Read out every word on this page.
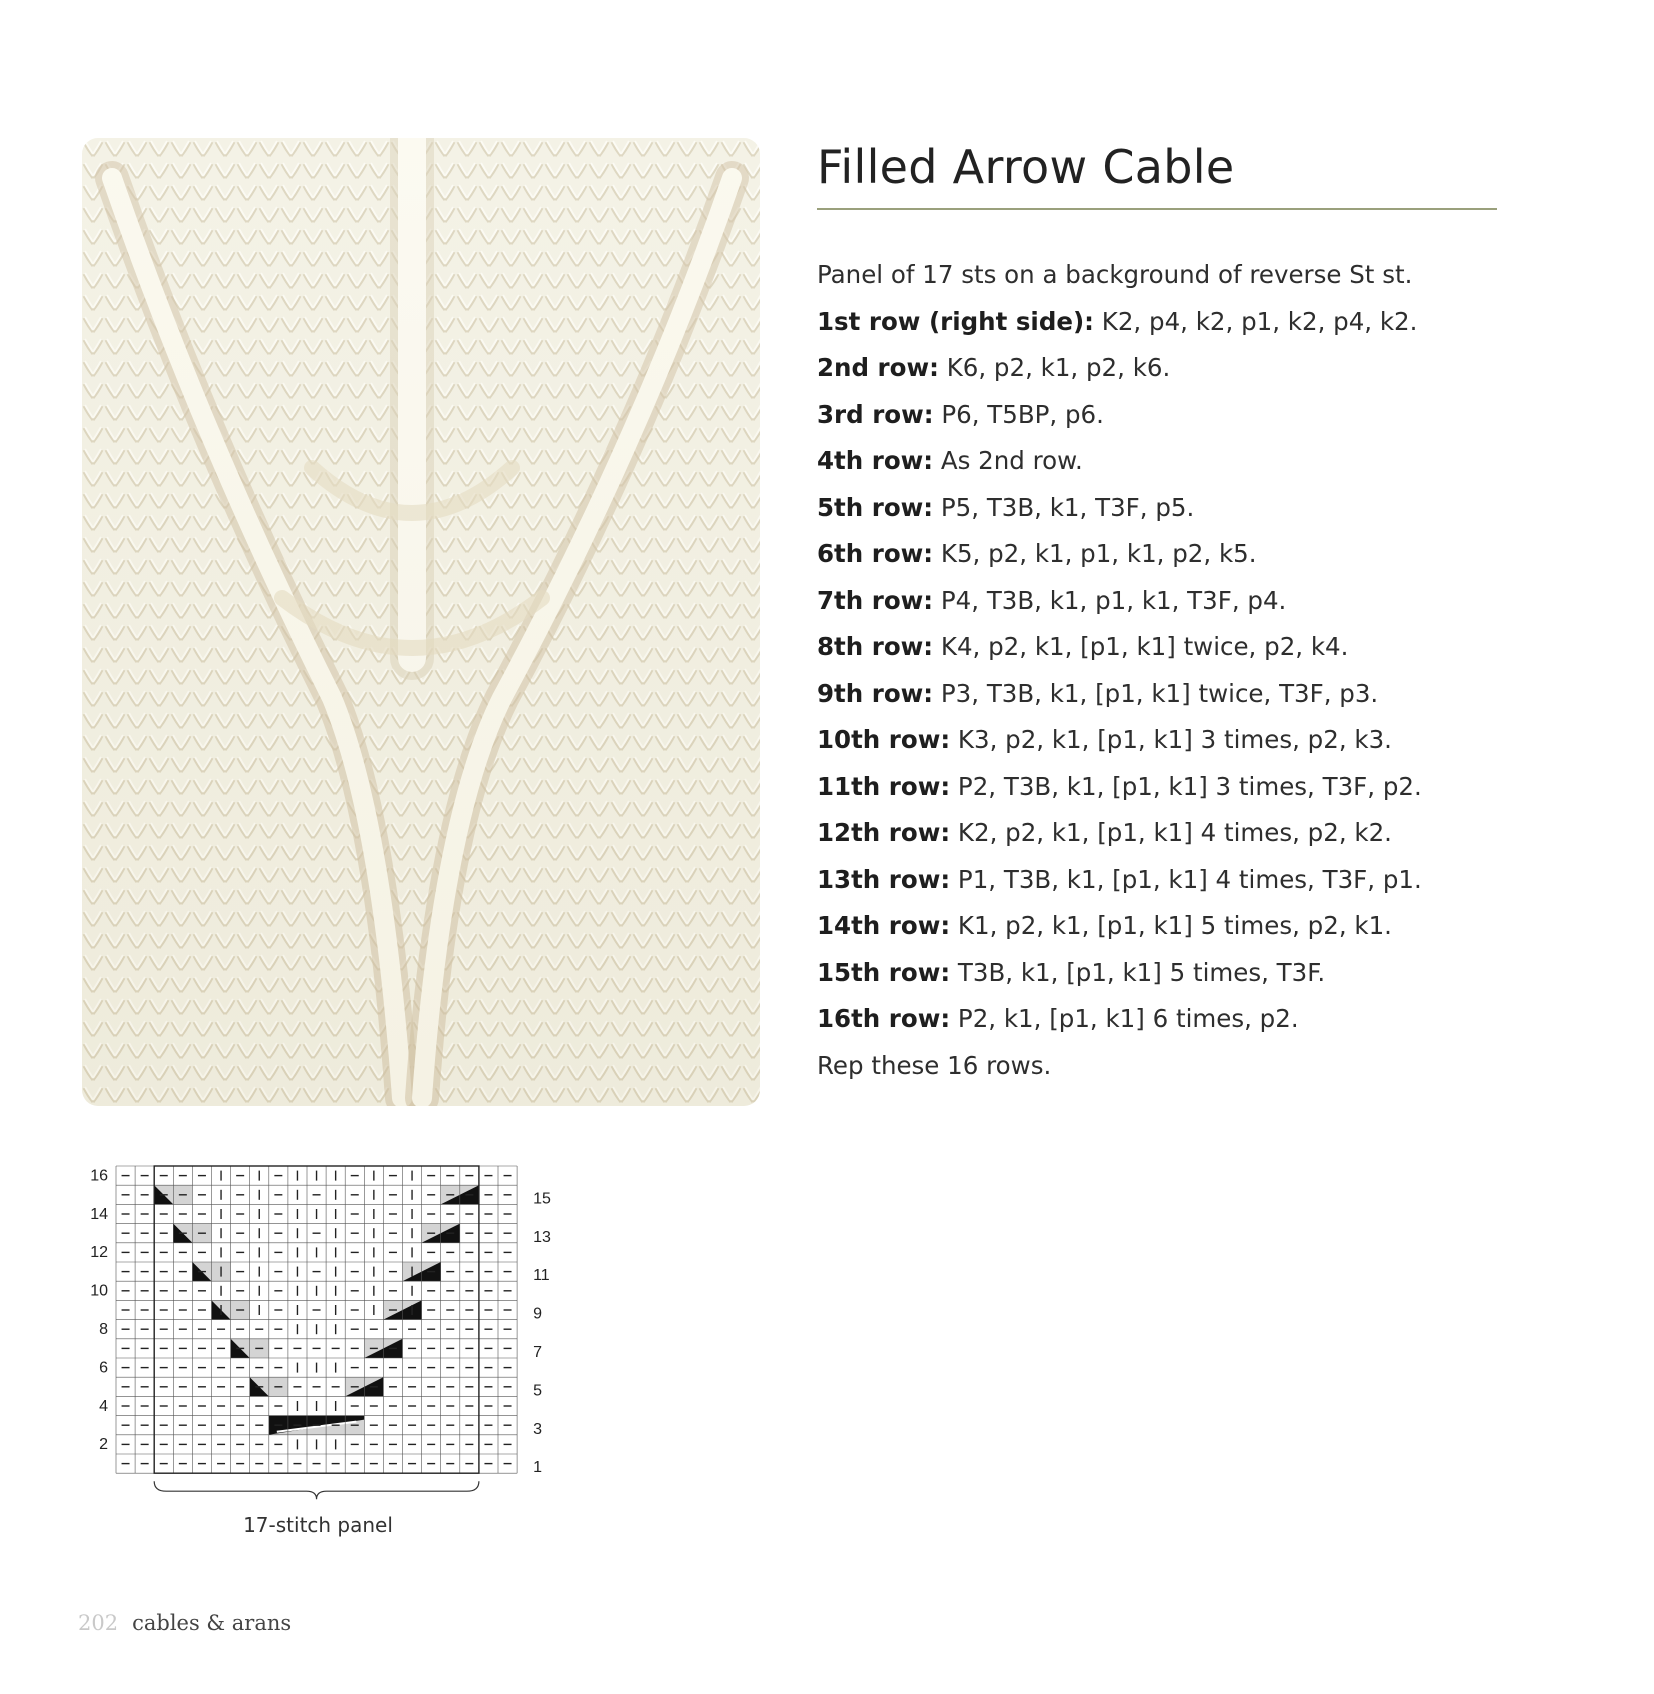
Filled Arrow Cable
Panel of 17 sts on a background of reverse St st.
1st row (right side): K2, p4, k2, p1, k2, p4, k2.
2nd row: K6, p2, k1, p2, k6.
3rd row: P6, T5BP, p6.
4th row: As 2nd row.
5th row: P5, T3B, k1, T3F, p5.
6th row: K5, p2, k1, p1, k1, p2, k5.
7th row: P4, T3B, k1, p1, k1, T3F, p4.
8th row: K4, p2, k1, [p1, k1] twice, p2, k4.
9th row: P3, T3B, k1, [p1, k1] twice, T3F, p3.
10th row: K3, p2, k1, [p1, k1] 3 times, p2, k3.
11th row: P2, T3B, k1, [p1, k1] 3 times, T3F, p2.
12th row: K2, p2, k1, [p1, k1] 4 times, p2, k2.
13th row: P1, T3B, k1, [p1, k1] 4 times, T3F, p1.
14th row: K1, p2, k1, [p1, k1] 5 times, p2, k1.
15th row: T3B, k1, [p1, k1] 5 times, T3F.
16th row: P2, k1, [p1, k1] 6 times, p2.
Rep these 16 rows.
16
14
12
10
8
6
4
2
15
13
11
9
7
5
3
1
17-stitch panel
202 cables & arans
